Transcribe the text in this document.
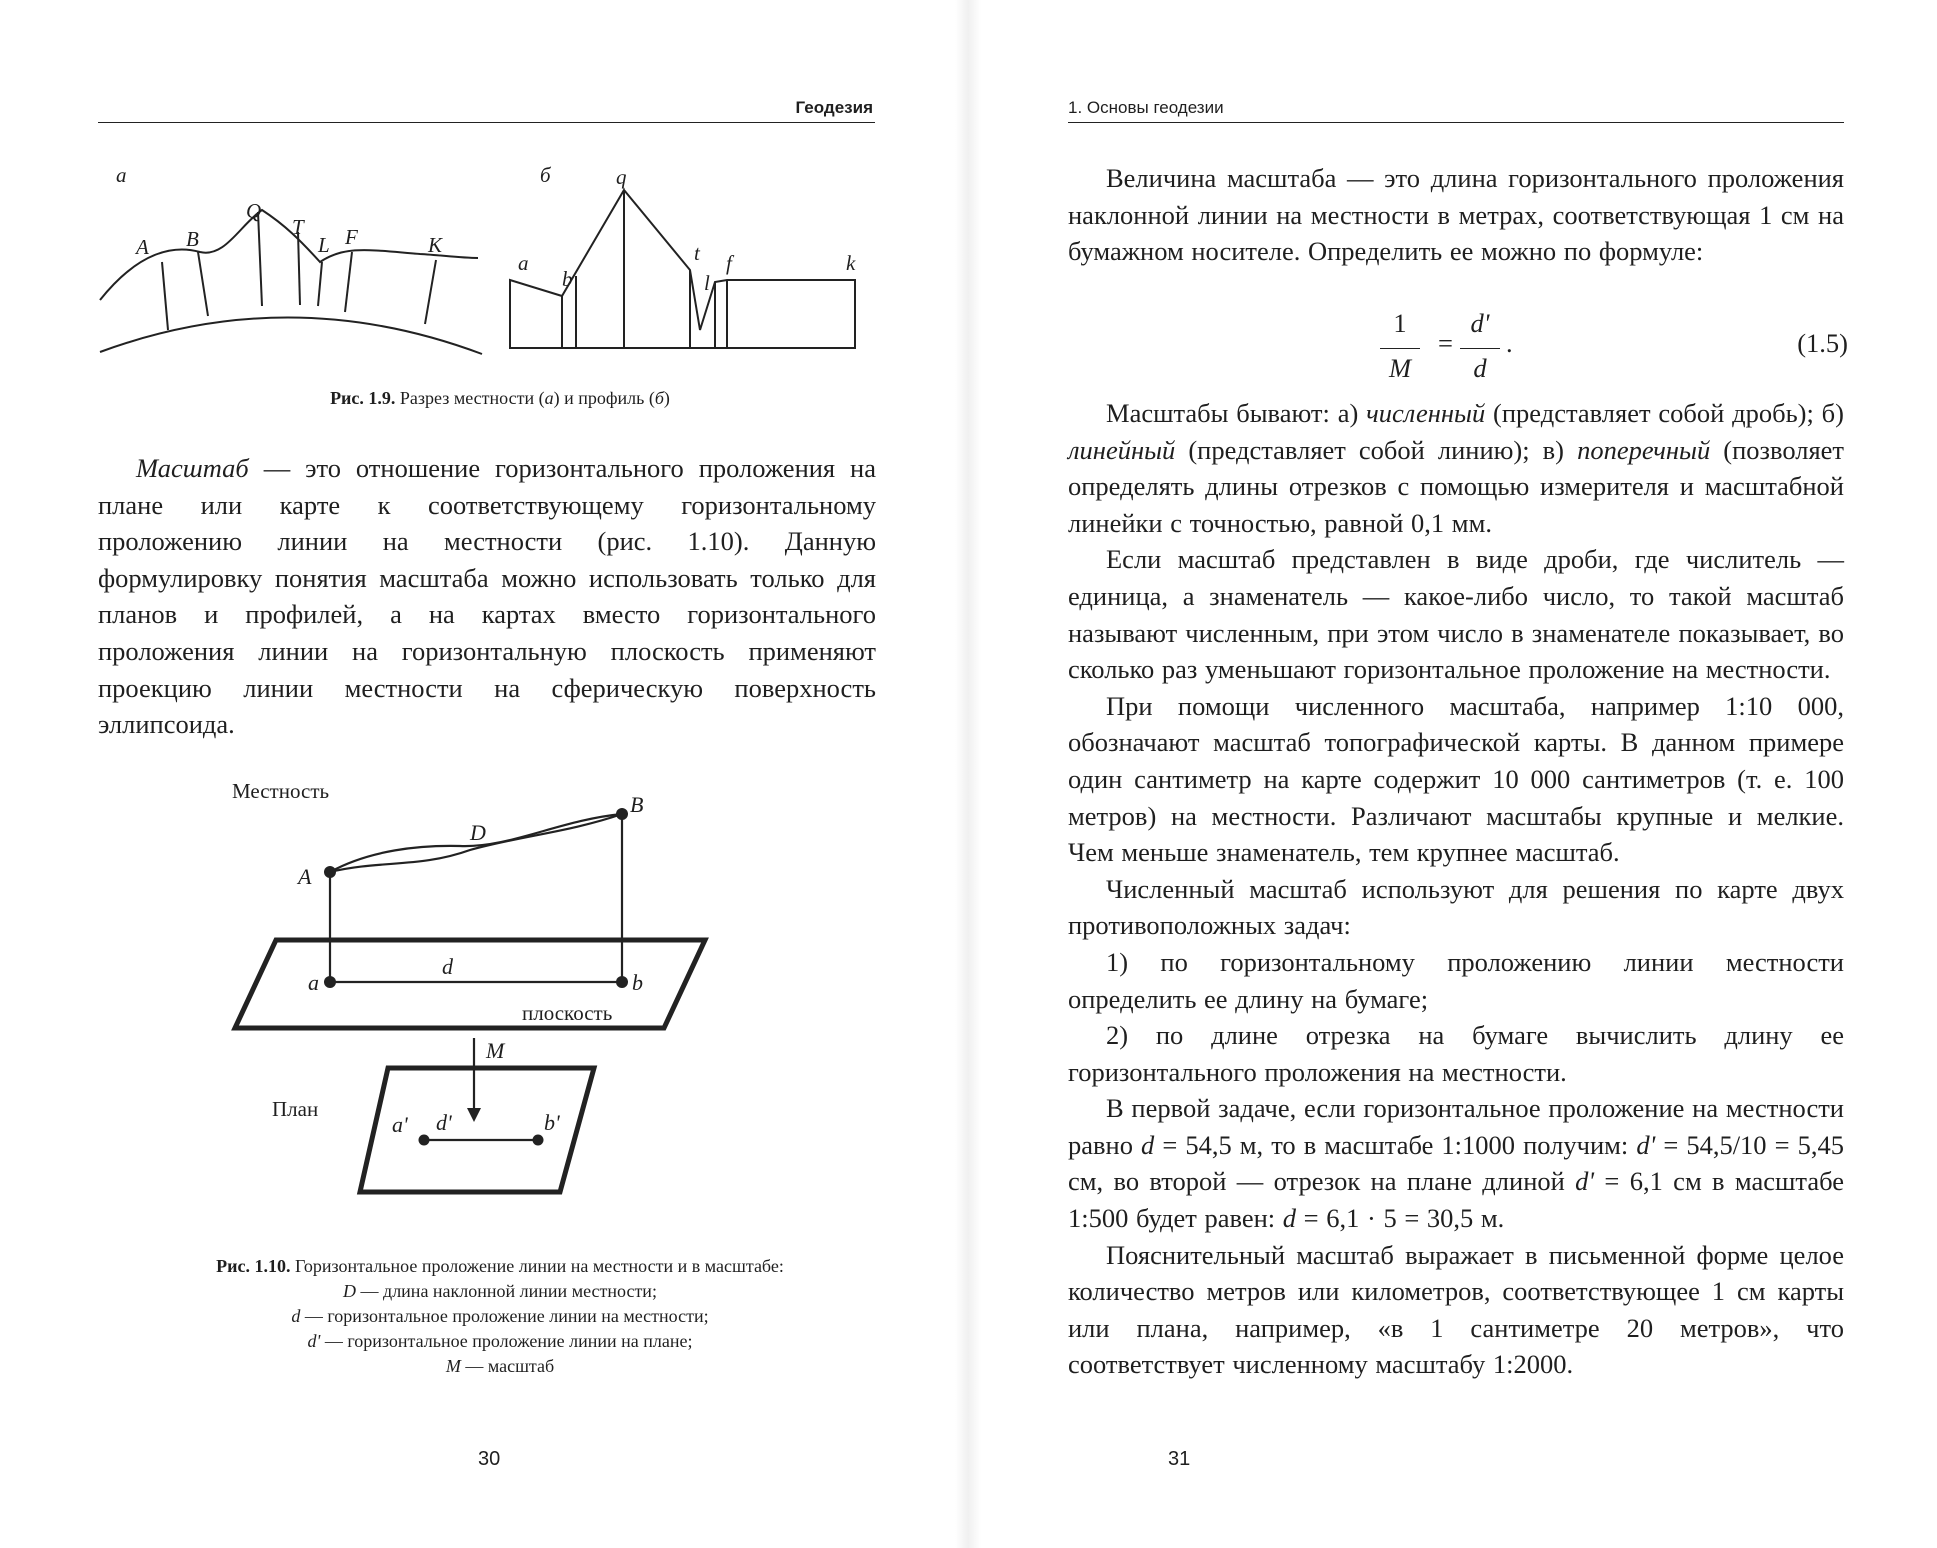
Геодезия
а	б
A B
Q
T
L F	K
a
b
q
t
l
f	k
Рис. 1.9. Разрез местности (а) и профиль (б)

Масштаб — это отношение горизонтального проложения на плане или карте к соответствующему горизонтальному проложению линии на местности (рис. 1.10). Данную формулировку понятия масштаба можно использовать только для планов и профилей, а на картах вместо горизонтального проложения линии на горизонтальную плоскость применяют проекцию линии местности на сферическую поверхность эллипсоида.

Местность
План
плоскость
D
A
B
d
a	b
M
a' d'	b'
Рис. 1.10. Горизонтальное проложение линии на местности и в масштабе:
D — длина наклонной линии местности;
d — горизонтальное проложение линии на местности;
d' — горизонтальное проложение линии на плане;
M — масштаб
30
1. Основы геодезии

Величина масштаба — это длина горизонтального проложения наклонной линии на местности в метрах, соответствующая 1 см на бумажном носителе. Определить ее можно по формуле:

1
M
=
d'
d
.	(1.5)

Масштабы бывают: а) численный (представляет собой дробь); б) линейный (представляет собой линию); в) поперечный (позволяет определять длины отрезков с помощью измерителя и масштабной линейки с точностью, равной 0,1 мм.

Если масштаб представлен в виде дроби, где числитель — единица, а знаменатель — какое-либо число, то такой масштаб называют численным, при этом число в знаменателе показывает, во сколько раз уменьшают горизонтальное проложение на местности.

При помощи численного масштаба, например 1:10 000, обозначают масштаб топографической карты. В данном примере один сантиметр на карте содержит 10 000 сантиметров (т. е. 100 метров) на местности. Различают масштабы крупные и мелкие. Чем меньше знаменатель, тем крупнее масштаб.

Численный масштаб используют для решения по карте двух противоположных задач:

1) по горизонтальному проложению линии местности определить ее длину на бумаге;

2) по длине отрезка на бумаге вычислить длину ее горизонтального проложения на местности.

В первой задаче, если горизонтальное проложение на местности равно d = 54,5 м, то в масштабе 1:1000 получим: d' = 54,5/10 = 5,45 см, во второй — отрезок на плане длиной d' = 6,1 см в масштабе 1:500 будет равен: d = 6,1 · 5 = 30,5 м.

Пояснительный масштаб выражает в письменной форме целое количество метров или километров, соответствующее 1 см карты или плана, например, «в 1 сантиметре 20 метров», что соответствует численному масштабу 1:2000.

31
